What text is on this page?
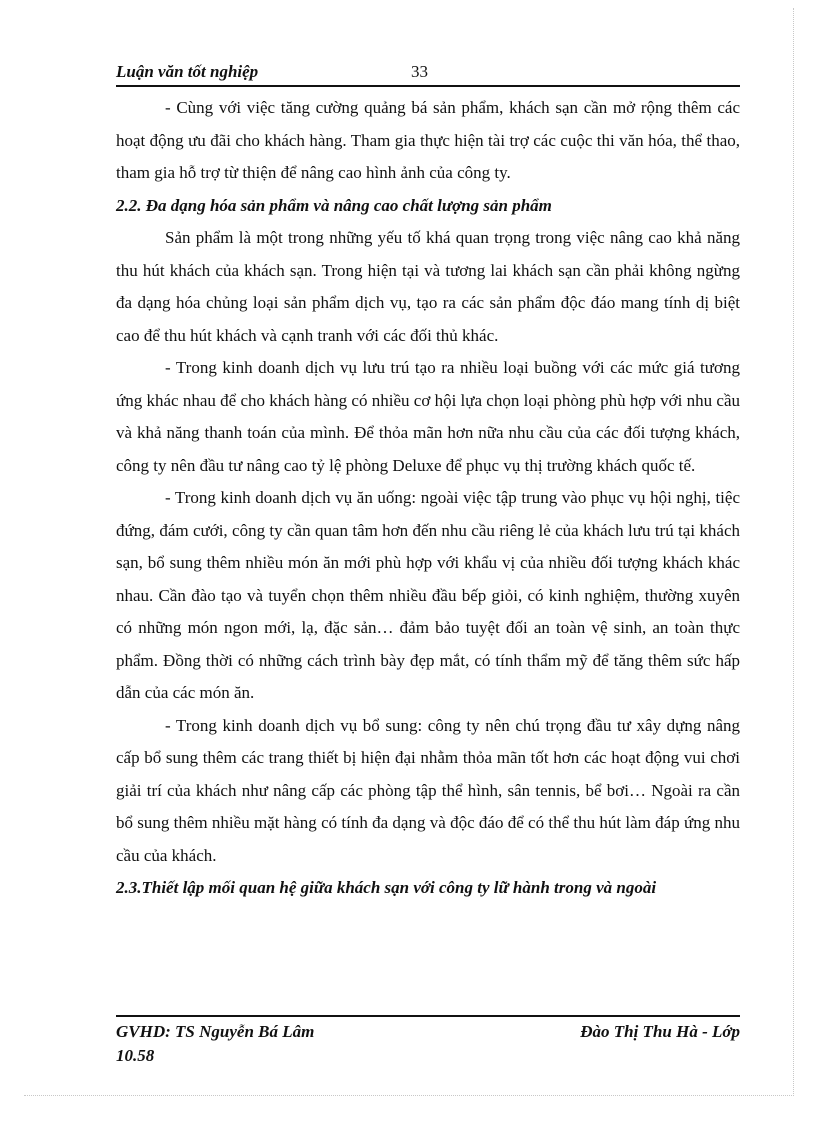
Luận văn tốt nghiệp	33

- Cùng với việc tăng cường quảng bá sản phẩm, khách sạn cần mở rộng thêm các hoạt động ưu đãi cho khách hàng. Tham gia thực hiện tài trợ các cuộc thi văn hóa, thể thao, tham gia hỗ trợ từ thiện để nâng cao hình ảnh của công ty.

2.2. Đa dạng hóa sản phẩm và nâng cao chất lượng sản phẩm

Sản phẩm là một trong những yếu tố khá quan trọng trong việc nâng cao khả năng thu hút khách của khách sạn. Trong hiện tại và tương lai khách sạn cần phải không ngừng đa dạng hóa chủng loại sản phẩm dịch vụ, tạo ra các sản phẩm độc đáo mang tính dị biệt cao để thu hút khách và cạnh tranh với các đối thủ khác.

- Trong kinh doanh dịch vụ lưu trú tạo ra nhiều loại buồng với các mức giá tương ứng khác nhau để cho khách hàng có nhiều cơ hội lựa chọn loại phòng phù hợp với nhu cầu và khả năng thanh toán của mình. Để thỏa mãn hơn nữa nhu cầu của các đối tượng khách, công ty nên đầu tư nâng cao tỷ lệ phòng Deluxe để phục vụ thị trường khách quốc tế.

- Trong kinh doanh dịch vụ ăn uống: ngoài việc tập trung vào phục vụ hội nghị, tiệc đứng, đám cưới, công ty cần quan tâm hơn đến nhu cầu riêng lẻ của khách lưu trú tại khách sạn, bổ sung thêm nhiều món ăn mới phù hợp với khẩu vị của nhiều đối tượng khách khác nhau. Cần đào tạo và tuyển chọn thêm nhiều đầu bếp giỏi, có kinh nghiệm, thường xuyên có những món ngon mới, lạ, đặc sản… đảm bảo tuyệt đối an toàn vệ sinh, an toàn thực phẩm. Đồng thời có những cách trình bày đẹp mắt, có tính thẩm mỹ để tăng thêm sức hấp dẫn của các món ăn.

- Trong kinh doanh dịch vụ bổ sung: công ty nên chú trọng đầu tư xây dựng nâng cấp bổ sung thêm các trang thiết bị hiện đại nhằm thỏa mãn tốt hơn các hoạt động vui chơi giải trí của khách như nâng cấp các phòng tập thể hình, sân tennis, bể bơi… Ngoài ra cần bổ sung thêm nhiều mặt hàng có tính đa dạng và độc đáo để có thể thu hút làm đáp ứng nhu cầu của khách.

2.3.Thiết lập mối quan hệ giữa khách sạn với công ty lữ hành trong và ngoài

GVHD: TS Nguyễn Bá Lâm	Đào Thị Thu Hà - Lớp
10.58
